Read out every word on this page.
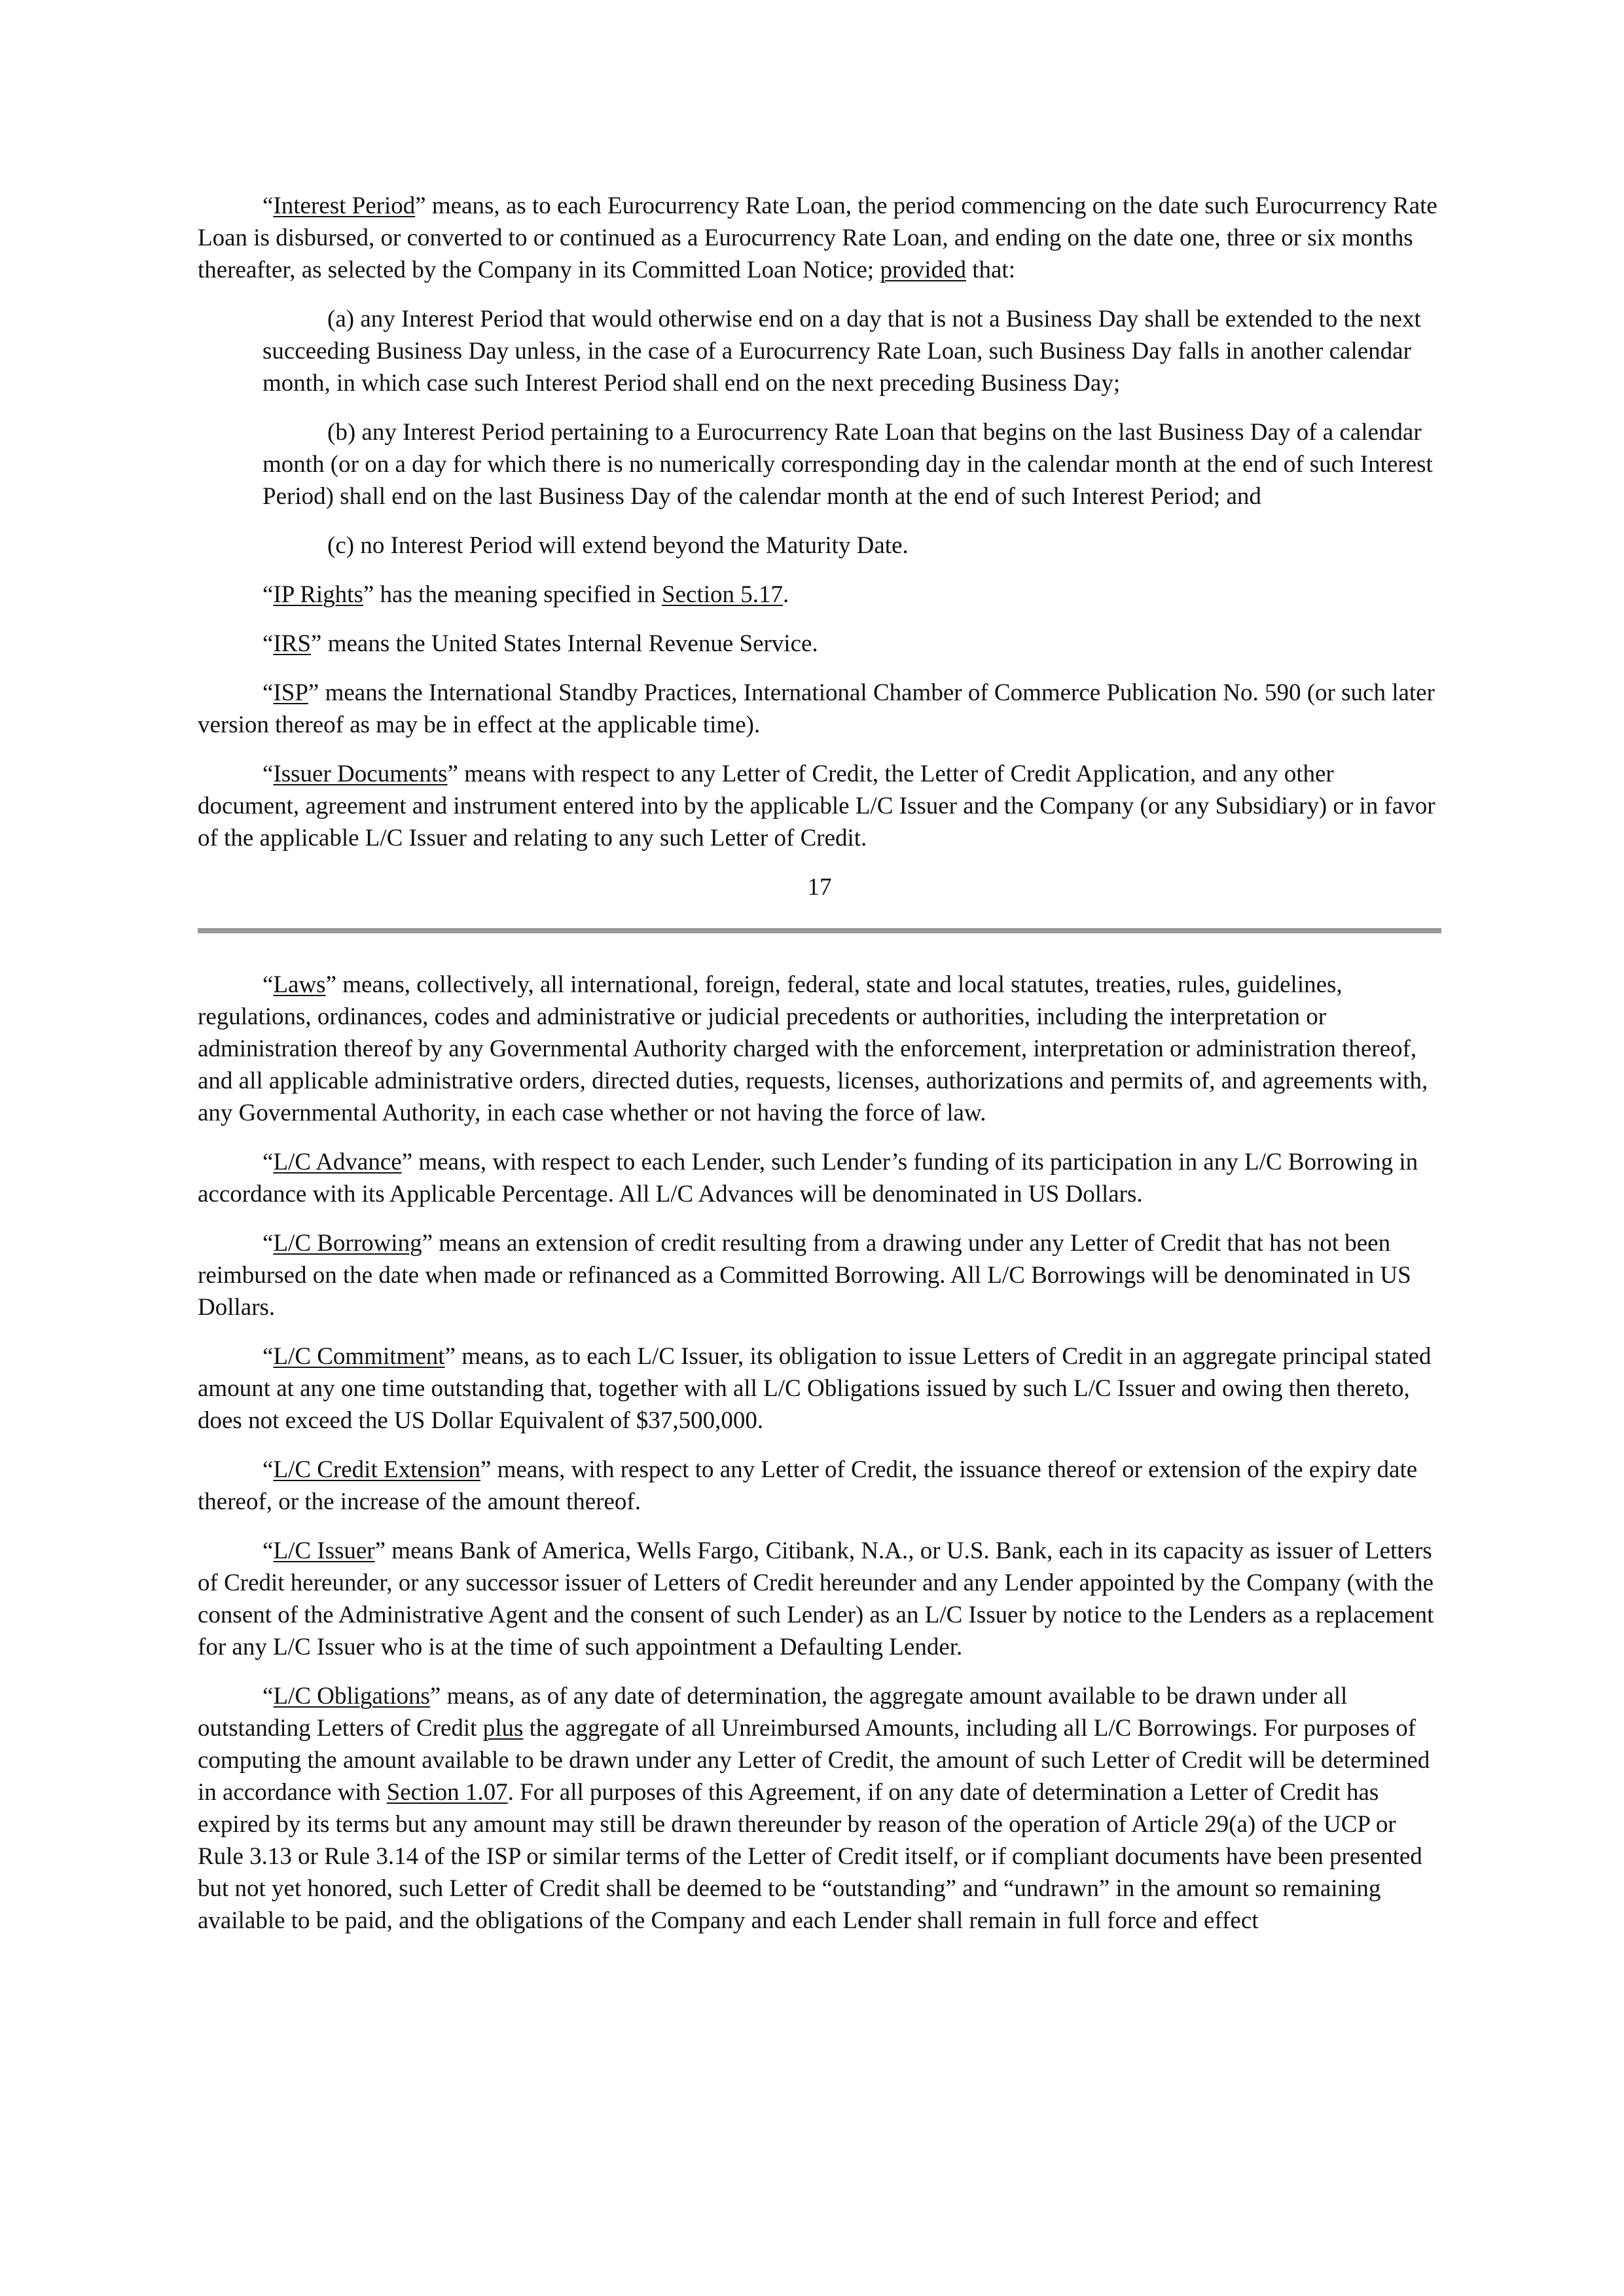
“Interest Period” means, as to each Eurocurrency Rate Loan, the period commencing on the date such Eurocurrency Rate Loan is disbursed, or converted to or continued as a Eurocurrency Rate Loan, and ending on the date one, three or six months thereafter, as selected by the Company in its Committed Loan Notice; provided that:

(a) any Interest Period that would otherwise end on a day that is not a Business Day shall be extended to the next succeeding Business Day unless, in the case of a Eurocurrency Rate Loan, such Business Day falls in another calendar month, in which case such Interest Period shall end on the next preceding Business Day;

(b) any Interest Period pertaining to a Eurocurrency Rate Loan that begins on the last Business Day of a calendar month (or on a day for which there is no numerically corresponding day in the calendar month at the end of such Interest Period) shall end on the last Business Day of the calendar month at the end of such Interest Period; and

(c) no Interest Period will extend beyond the Maturity Date.

“IP Rights” has the meaning specified in Section 5.17.

“IRS” means the United States Internal Revenue Service.

“ISP” means the International Standby Practices, International Chamber of Commerce Publication No. 590 (or such later version thereof as may be in effect at the applicable time).

“Issuer Documents” means with respect to any Letter of Credit, the Letter of Credit Application, and any other document, agreement and instrument entered into by the applicable L/C Issuer and the Company (or any Subsidiary) or in favor of the applicable L/C Issuer and relating to any such Letter of Credit.

17

“Laws” means, collectively, all international, foreign, federal, state and local statutes, treaties, rules, guidelines, regulations, ordinances, codes and administrative or judicial precedents or authorities, including the interpretation or administration thereof by any Governmental Authority charged with the enforcement, interpretation or administration thereof, and all applicable administrative orders, directed duties, requests, licenses, authorizations and permits of, and agreements with, any Governmental Authority, in each case whether or not having the force of law.

“L/C Advance” means, with respect to each Lender, such Lender’s funding of its participation in any L/C Borrowing in accordance with its Applicable Percentage. All L/C Advances will be denominated in US Dollars.

“L/C Borrowing” means an extension of credit resulting from a drawing under any Letter of Credit that has not been reimbursed on the date when made or refinanced as a Committed Borrowing. All L/C Borrowings will be denominated in US Dollars.

“L/C Commitment” means, as to each L/C Issuer, its obligation to issue Letters of Credit in an aggregate principal stated amount at any one time outstanding that, together with all L/C Obligations issued by such L/C Issuer and owing then thereto, does not exceed the US Dollar Equivalent of $37,500,000.

“L/C Credit Extension” means, with respect to any Letter of Credit, the issuance thereof or extension of the expiry date thereof, or the increase of the amount thereof.

“L/C Issuer” means Bank of America, Wells Fargo, Citibank, N.A., or U.S. Bank, each in its capacity as issuer of Letters of Credit hereunder, or any successor issuer of Letters of Credit hereunder and any Lender appointed by the Company (with the consent of the Administrative Agent and the consent of such Lender) as an L/C Issuer by notice to the Lenders as a replacement for any L/C Issuer who is at the time of such appointment a Defaulting Lender.

“L/C Obligations” means, as of any date of determination, the aggregate amount available to be drawn under all outstanding Letters of Credit plus the aggregate of all Unreimbursed Amounts, including all L/C Borrowings. For purposes of computing the amount available to be drawn under any Letter of Credit, the amount of such Letter of Credit will be determined in accordance with Section 1.07. For all purposes of this Agreement, if on any date of determination a Letter of Credit has expired by its terms but any amount may still be drawn thereunder by reason of the operation of Article 29(a) of the UCP or Rule 3.13 or Rule 3.14 of the ISP or similar terms of the Letter of Credit itself, or if compliant documents have been presented but not yet honored, such Letter of Credit shall be deemed to be “outstanding” and “undrawn” in the amount so remaining available to be paid, and the obligations of the Company and each Lender shall remain in full force and effect
